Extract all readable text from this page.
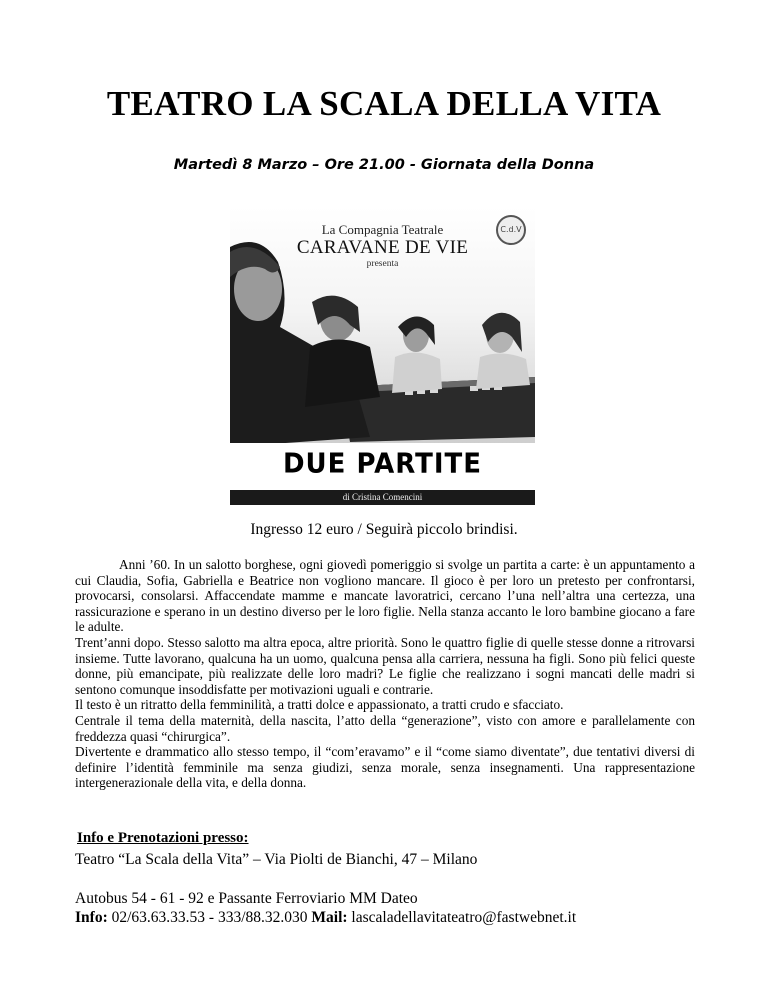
TEATRO LA SCALA DELLA VITA
Martedì 8 Marzo – Ore 21.00 - Giornata della Donna
C.d.V
La Compagnia Teatrale
CARAVANE DE VIE
presenta
DUE PARTITE
di Cristina Comencini
Ingresso 12 euro / Seguirà piccolo brindisi.

Anni ’60. In un salotto borghese, ogni giovedì pomeriggio si svolge un partita a carte: è un appuntamento a cui Claudia, Sofia, Gabriella e Beatrice non vogliono mancare. Il gioco è per loro un pretesto per confrontarsi, provocarsi, consolarsi. Affaccendate mamme e mancate lavoratrici, cercano l’una nell’altra una certezza, una rassicurazione e sperano in un destino diverso per le loro figlie. Nella stanza accanto le loro bambine giocano a fare le adulte.

Trent’anni dopo. Stesso salotto ma altra epoca, altre priorità. Sono le quattro figlie di quelle stesse donne a ritrovarsi insieme. Tutte lavorano, qualcuna ha un uomo, qualcuna pensa alla carriera, nessuna ha figli. Sono più felici queste donne, più emancipate, più realizzate delle loro madri? Le figlie che realizzano i sogni mancati delle madri si sentono comunque insoddisfatte per motivazioni uguali e contrarie.

Il testo è un ritratto della femminilità, a tratti dolce e appassionato, a tratti crudo e sfacciato.

Centrale il tema della maternità, della nascita, l’atto della “generazione”, visto con amore e parallelamente con freddezza quasi “chirurgica”.

Divertente e drammatico allo stesso tempo, il “com’eravamo” e il “come siamo diventate”, due tentativi diversi di definire l’identità femminile ma senza giudizi, senza morale, senza insegnamenti. Una rappresentazione intergenerazionale della vita, e della donna.

Info e Prenotazioni presso:
Teatro “La Scala della Vita” – Via Piolti de Bianchi, 47 – Milano
Autobus 54 - 61 - 92 e Passante Ferroviario MM Dateo
Info: 02/63.63.33.53 - 333/88.32.030 Mail: lascaladellavitateatro@fastwebnet.it
